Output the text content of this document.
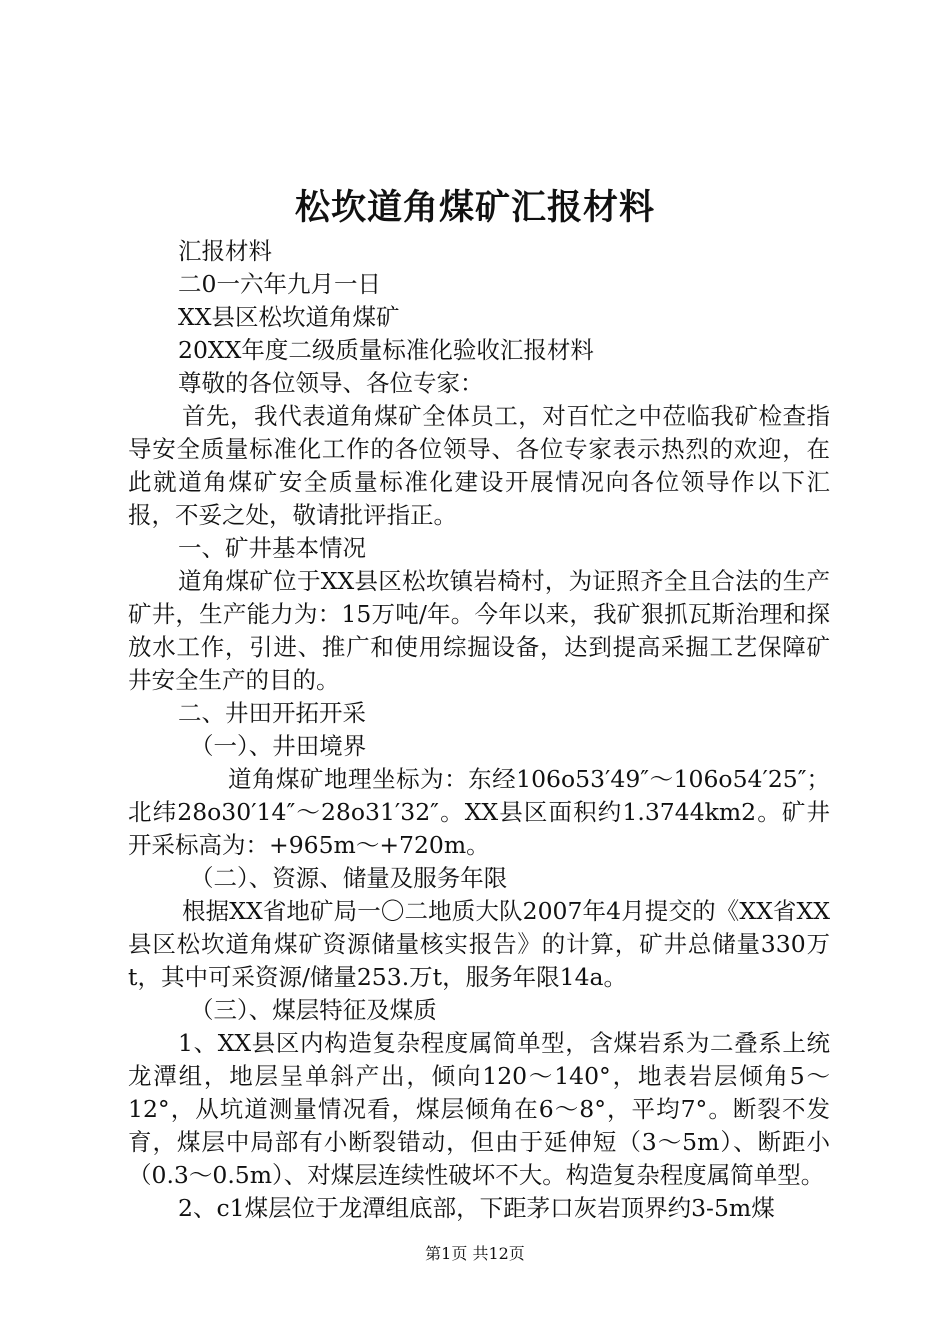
松坎道角煤矿汇报材料

汇报材料

二0一六年九月一日

XX县区松坎道角煤矿

20XX年度二级质量标准化验收汇报材料

尊敬的各位领导、各位专家：

首先，我代表道角煤矿全体员工，对百忙之中莅临我矿检查指导安全质量标准化工作的各位领导、各位专家表示热烈的欢迎，在此就道角煤矿安全质量标准化建设开展情况向各位领导作以下汇报，不妥之处，敬请批评指正。

一、矿井基本情况

道角煤矿位于XX县区松坎镇岩椅村，为证照齐全且合法的生产矿井，生产能力为：15万吨/年。今年以来，我矿狠抓瓦斯治理和探放水工作，引进、推广和使用综掘设备，达到提高采掘工艺保障矿井安全生产的目的。

二、井田开拓开采

（一）、井田境界

道角煤矿地理坐标为：东经106o53′49″～106o54′25″；北纬28o30′14″～28o31′32″。XX县区面积约1.3744km2。矿井开采标高为：+965m～+720m。

（二）、资源、储量及服务年限

根据XX省地矿局一〇二地质大队2007年4月提交的《XX省XX县区松坎道角煤矿资源储量核实报告》的计算，矿井总储量330万t，其中可采资源/储量253.万t，服务年限14a。

（三）、煤层特征及煤质

1、XX县区内构造复杂程度属简单型，含煤岩系为二叠系上统龙潭组，地层呈单斜产出，倾向120～140°，地表岩层倾角5～12°，从坑道测量情况看，煤层倾角在6～8°，平均7°。断裂不发育，煤层中局部有小断裂错动，但由于延伸短（3～5m）、断距小（0.3～0.5m）、对煤层连续性破坏不大。构造复杂程度属简单型。

2、c1煤层位于龙潭组底部，下距茅口灰岩顶界约3-5m煤

第1页 共12页
